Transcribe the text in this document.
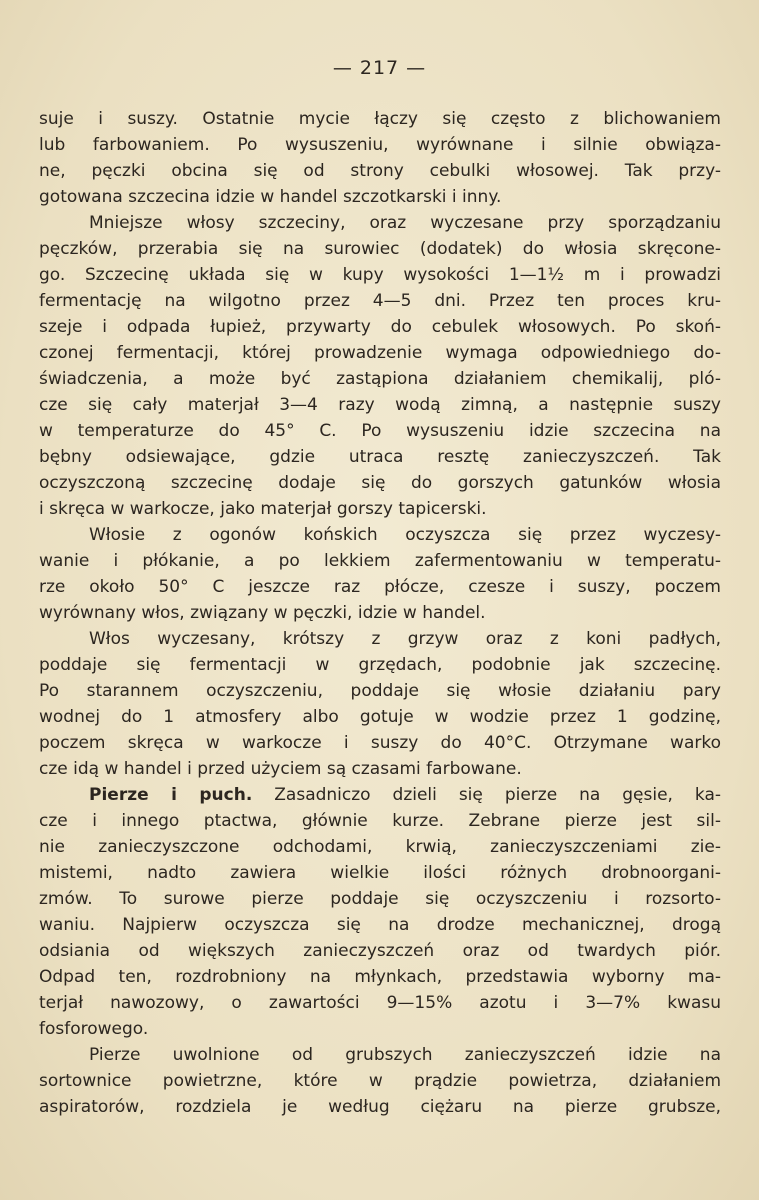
— 217 —
suje i suszy. Ostatnie mycie łączy się często z blichowaniem
lub farbowaniem. Po wysuszeniu, wyrównane i silnie obwiąza-
ne, pęczki obcina się od strony cebulki włosowej. Tak przy-
gotowana szczecina idzie w handel szczotkarski i inny.
Mniejsze włosy szczeciny, oraz wyczesane przy sporządzaniu
pęczków, przerabia się na surowiec (dodatek) do włosia skręcone-
go. Szczecinę układa się w kupy wysokości 1—1½ m i prowadzi
fermentację na wilgotno przez 4—5 dni. Przez ten proces kru-
szeje i odpada łupież, przywarty do cebulek włosowych. Po skoń-
czonej fermentacji, której prowadzenie wymaga odpowiedniego do-
świadczenia, a może być zastąpiona działaniem chemikalij, pló-
cze się cały materjał 3—4 razy wodą zimną, a następnie suszy
w temperaturze do 45° C. Po wysuszeniu idzie szczecina na
bębny odsiewające, gdzie utraca resztę zanieczyszczeń. Tak
oczyszczoną szczecinę dodaje się do gorszych gatunków włosia
i skręca w warkocze, jako materjał gorszy tapicerski.
Włosie z ogonów końskich oczyszcza się przez wyczesy-
wanie i płókanie, a po lekkiem zafermentowaniu w temperatu-
rze około 50° C jeszcze raz płócze, czesze i suszy, poczem
wyrównany włos, związany w pęczki, idzie w handel.
Włos wyczesany, krótszy z grzyw oraz z koni padłych,
poddaje się fermentacji w grzędach, podobnie jak szczecinę.
Po starannem oczyszczeniu, poddaje się włosie działaniu pary
wodnej do 1 atmosfery albo gotuje w wodzie przez 1 godzinę,
poczem skręca w warkocze i suszy do 40°C. Otrzymane warko
cze idą w handel i przed użyciem są czasami farbowane.
Pierze i puch. Zasadniczo dzieli się pierze na gęsie, ka-
cze i innego ptactwa, głównie kurze. Zebrane pierze jest sil-
nie zanieczyszczone odchodami, krwią, zanieczyszczeniami zie-
mistemi, nadto zawiera wielkie ilości różnych drobnoorgani-
zmów. To surowe pierze poddaje się oczyszczeniu i rozsorto-
waniu. Najpierw oczyszcza się na drodze mechanicznej, drogą
odsiania od większych zanieczyszczeń oraz od twardych piór.
Odpad ten, rozdrobniony na młynkach, przedstawia wyborny ma-
terjał nawozowy, o zawartości 9—15% azotu i 3—7% kwasu
fosforowego.
Pierze uwolnione od grubszych zanieczyszczeń idzie na
sortownice powietrzne, które w prądzie powietrza, działaniem
aspiratorów, rozdziela je według ciężaru na pierze grubsze,
